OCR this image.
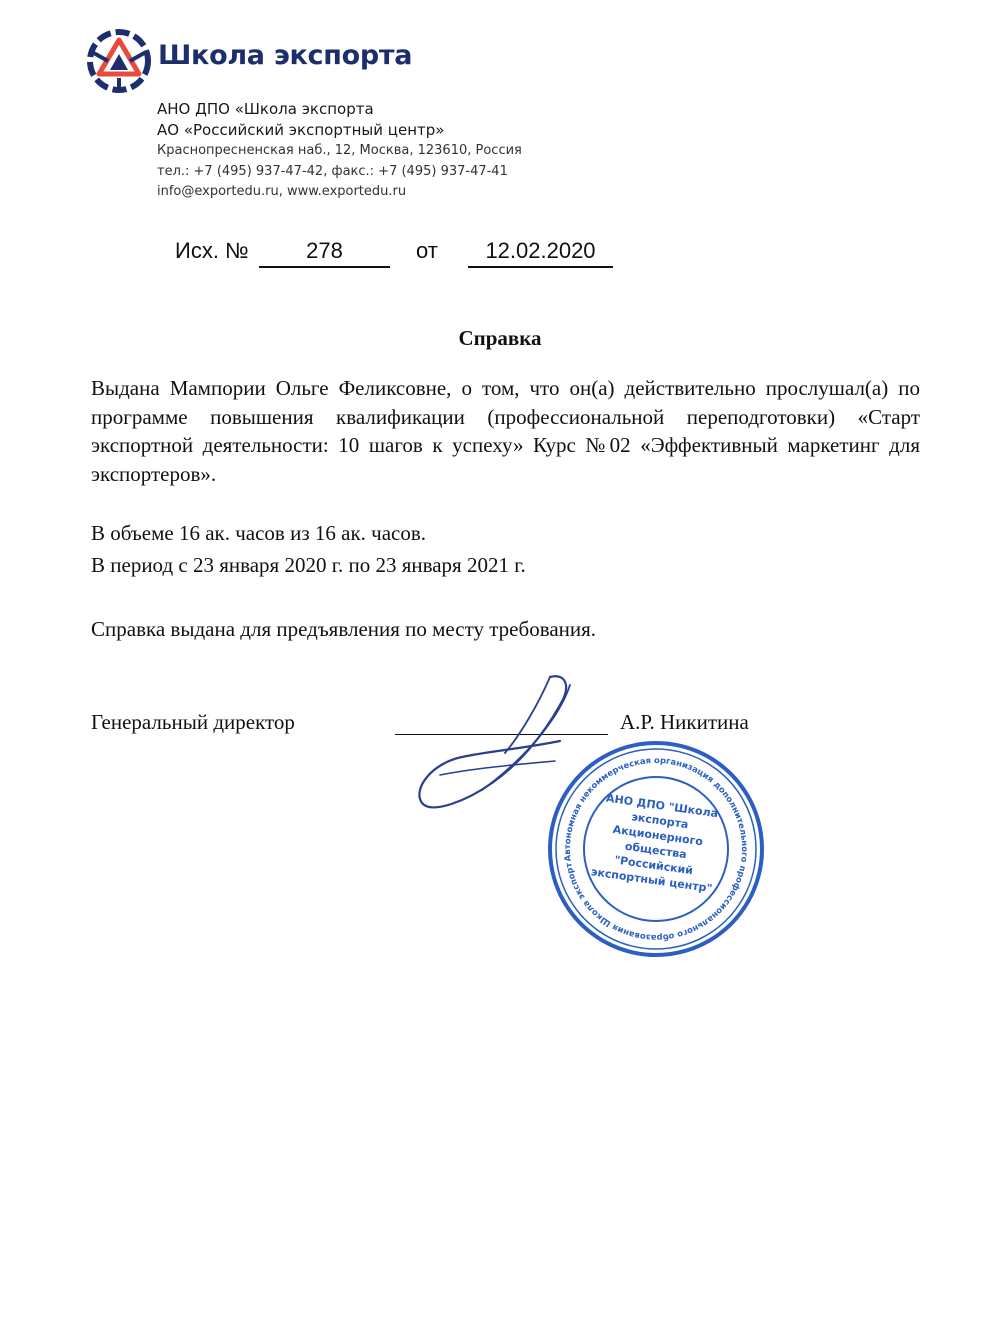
Школа экспорта
АНО ДПО «Школа экспорта
АО «Российский экспортный центр»
Краснопресненская наб., 12, Москва, 123610, Россия
тел.: +7 (495) 937-47-42, факс.: +7 (495) 937-47-41
info@exportedu.ru, www.exportedu.ru
Исх. №	278	от	12.02.2020
Справка
Выдана Мампории Ольге Феликсовне, о том, что он(а) действительно прослушал(а) по программе повышения квалификации (профессиональной переподготовки) «Старт экспортной деятельности: 10 шагов к успеху» Курс №02 «Эффективный маркетинг для экспортеров».
В объеме 16 ак. часов из 16 ак. часов.
В период с 23 января 2020 г. по 23 января 2021 г.
Справка выдана для предъявления по месту требования.
Генеральный директор	А.Р. Никитина
Автономная некоммерческая организация дополнительного профессионального образования Школа экспорта
АНО ДПО "Школа экспорта Акционерного общества "Российский экспортный центр"
